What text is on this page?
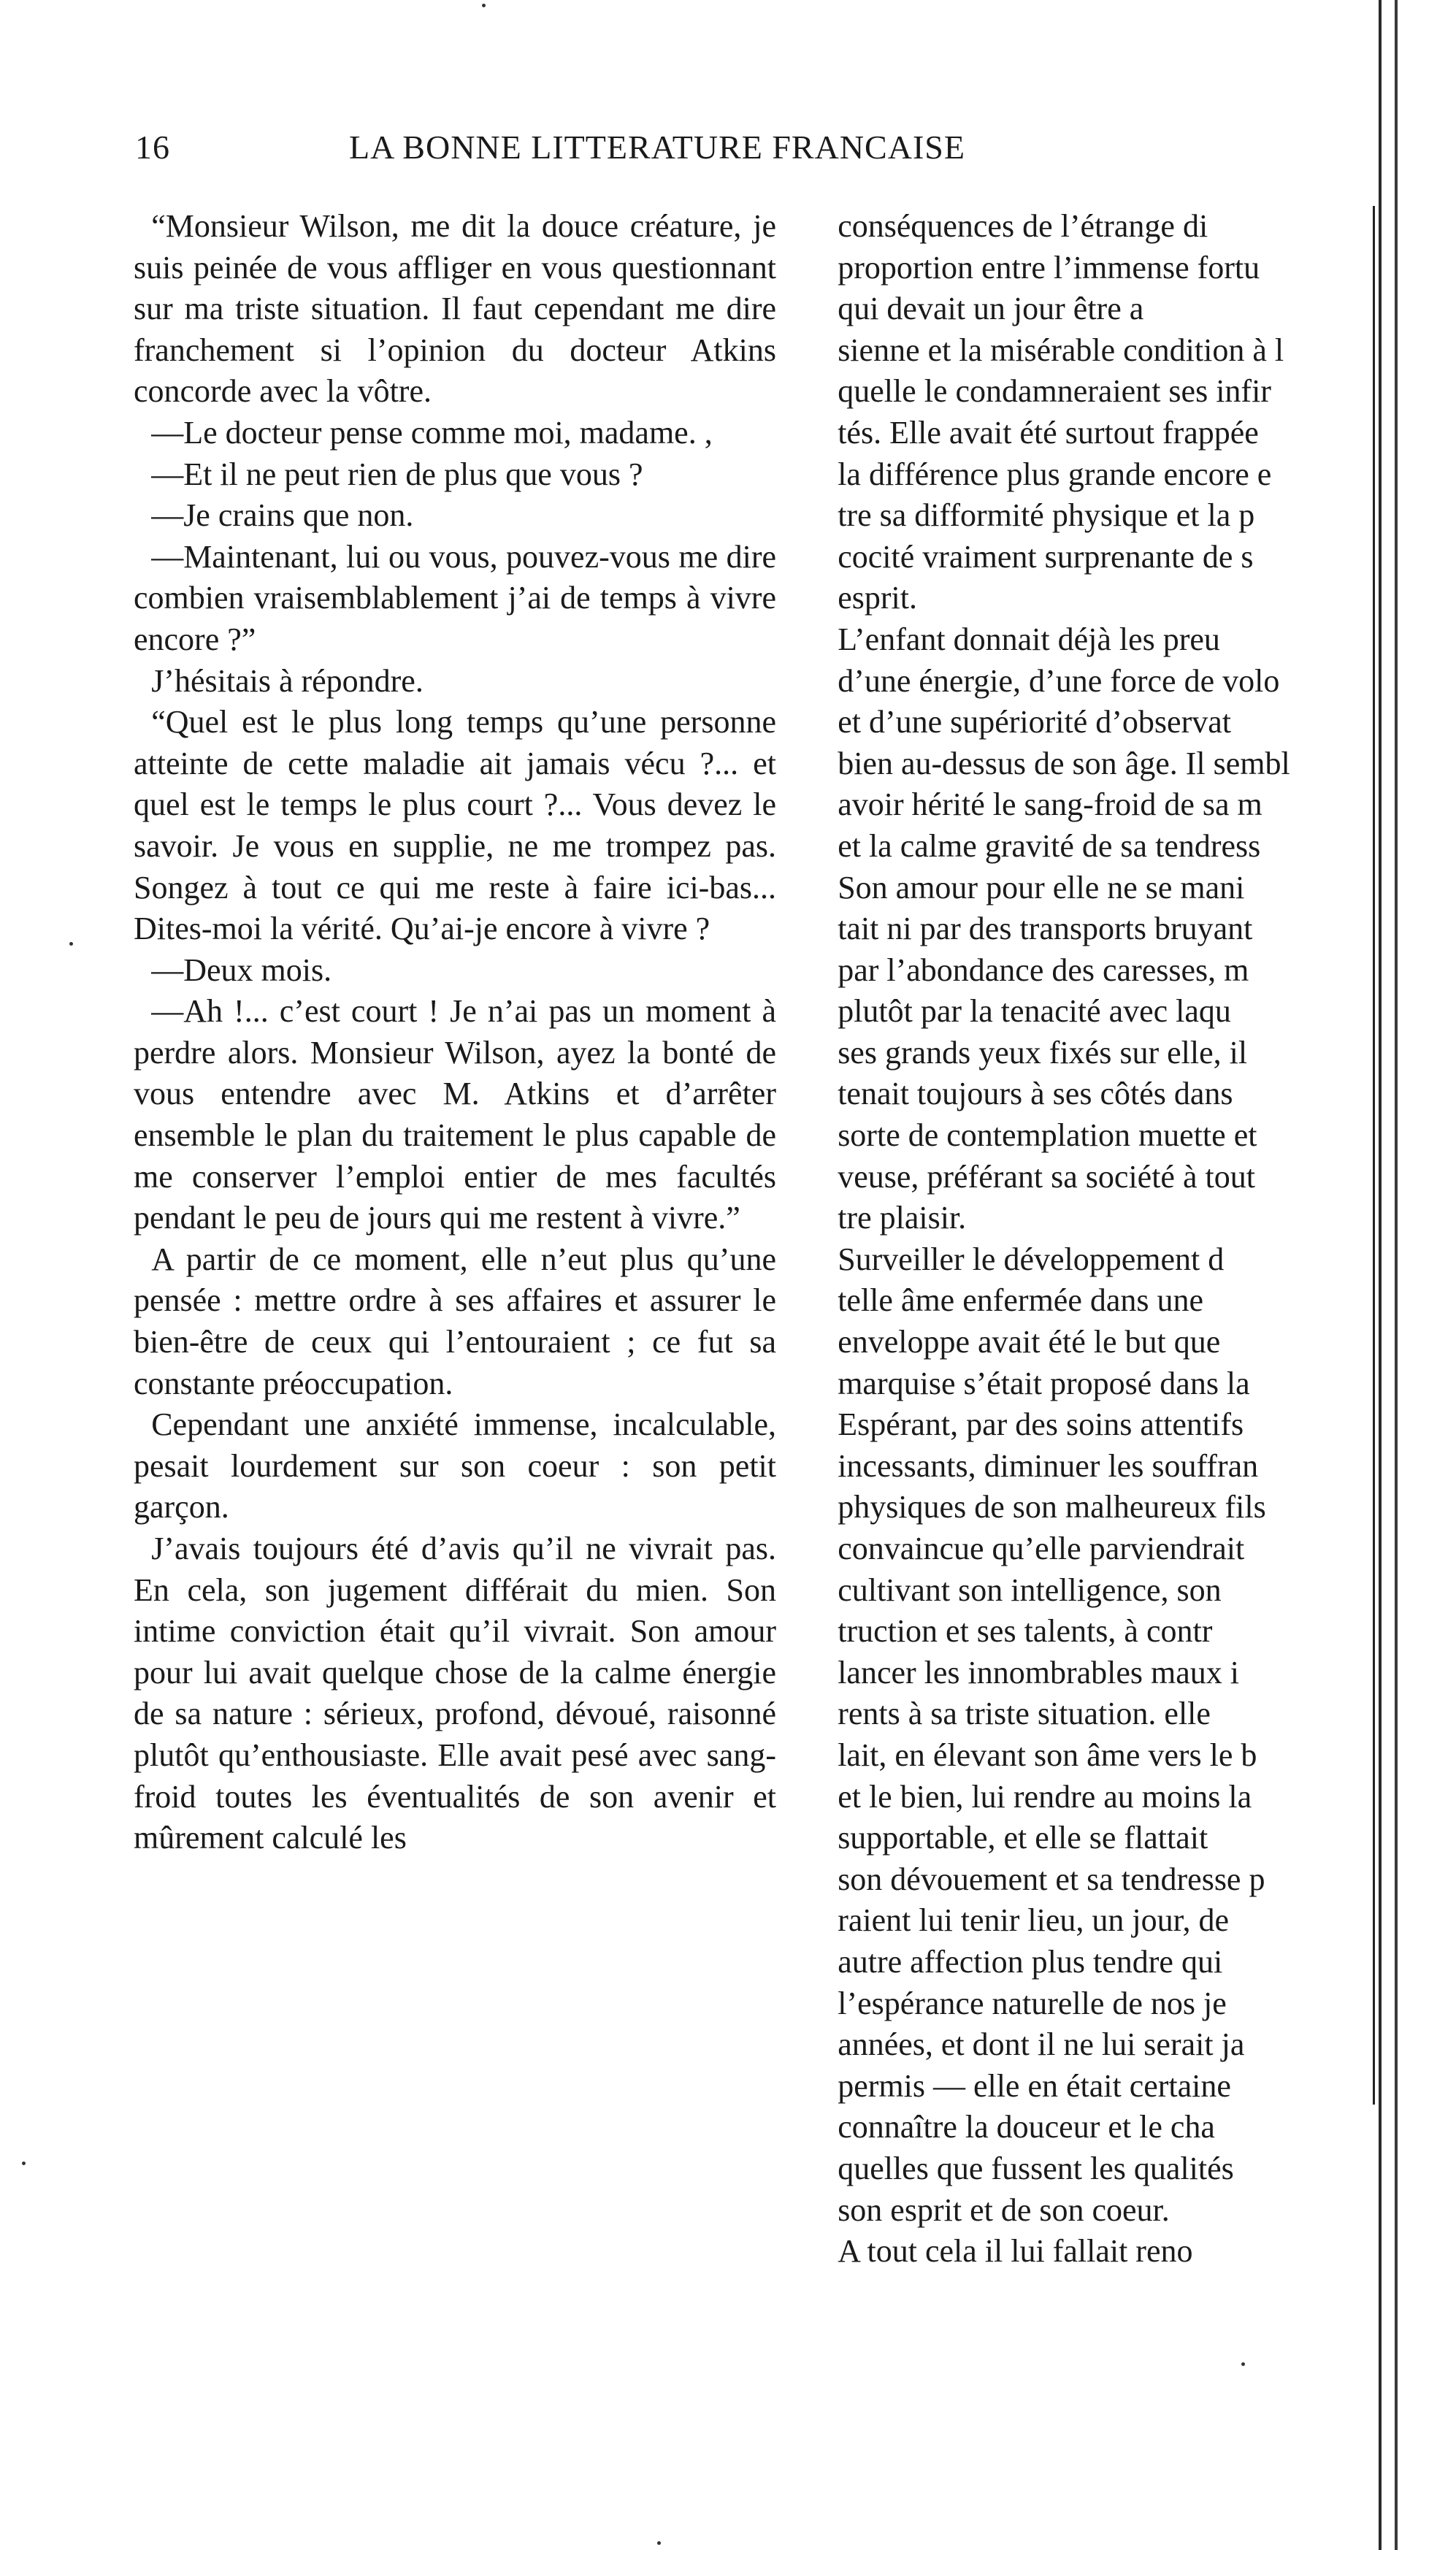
16	LA BONNE LITTERATURE FRANCAISE

“Monsieur Wilson, me dit la douce créature, je suis peinée de vous affliger en vous questionnant sur ma triste situation. Il faut cependant me dire franchement si l’opinion du docteur Atkins concorde avec la vôtre.

—Le docteur pense comme moi, madame. ,

—Et il ne peut rien de plus que vous ?

—Je crains que non.

—Maintenant, lui ou vous, pouvez-vous me dire combien vraisemblablement j’ai de temps à vivre encore ?”

J’hésitais à répondre.

“Quel est le plus long temps qu’une personne atteinte de cette maladie ait jamais vécu ?... et quel est le temps le plus court ?... Vous devez le savoir. Je vous en supplie, ne me trompez pas. Songez à tout ce qui me reste à faire ici-bas... Dites-moi la vérité. Qu’ai-je encore à vivre ?

—Deux mois.

—Ah !... c’est court ! Je n’ai pas un moment à perdre alors. Monsieur Wilson, ayez la bonté de vous entendre avec M. Atkins et d’arrêter ensemble le plan du traitement le plus capable de me conserver l’emploi entier de mes facultés pendant le peu de jours qui me restent à vivre.”

A partir de ce moment, elle n’eut plus qu’une pensée : mettre ordre à ses affaires et assurer le bien-être de ceux qui l’entouraient ; ce fut sa constante préoccupation.

Cependant une anxiété immense, incalculable, pesait lourdement sur son coeur : son petit garçon.

J’avais toujours été d’avis qu’il ne vivrait pas. En cela, son jugement différait du mien. Son intime conviction était qu’il vivrait. Son amour pour lui avait quelque chose de la calme énergie de sa nature : sérieux, profond, dévoué, raisonné plutôt qu’enthousiaste. Elle avait pesé avec sang-froid toutes les éventualités de son avenir et mûrement calculé les

conséquences de l’étrange di
proportion entre l’immense fortu
qui devait un jour être a
sienne et la misérable condition à l
quelle le condamneraient ses infir
tés. Elle avait été surtout frappée
la différence plus grande encore e
tre sa difformité physique et la p
cocité vraiment surprenante de s
esprit.

L’enfant donnait déjà les preu
d’une énergie, d’une force de volo
et d’une supériorité d’observat
bien au-dessus de son âge. Il sembl
avoir hérité le sang-froid de sa m
et la calme gravité de sa tendress

Son amour pour elle ne se mani
tait ni par des transports bruyant
par l’abondance des caresses, m
plutôt par la tenacité avec laqu
ses grands yeux fixés sur elle, il
tenait toujours à ses côtés dans
sorte de contemplation muette et
veuse, préférant sa société à tout
tre plaisir.

Surveiller le développement d
telle âme enfermée dans une
enveloppe avait été le but que
marquise s’était proposé dans la
Espérant, par des soins attentifs
incessants, diminuer les souffran
physiques de son malheureux fils
convaincue qu’elle parviendrait
cultivant son intelligence, son
truction et ses talents, à contr
lancer les innombrables maux i
rents à sa triste situation. elle
lait, en élevant son âme vers le b
et le bien, lui rendre au moins la
supportable, et elle se flattait
son dévouement et sa tendresse p
raient lui tenir lieu, un jour, de
autre affection plus tendre qui
l’espérance naturelle de nos je
années, et dont il ne lui serait ja
permis — elle en était certaine
connaître la douceur et le cha
quelles que fussent les qualités
son esprit et de son coeur.

A tout cela il lui fallait reno
